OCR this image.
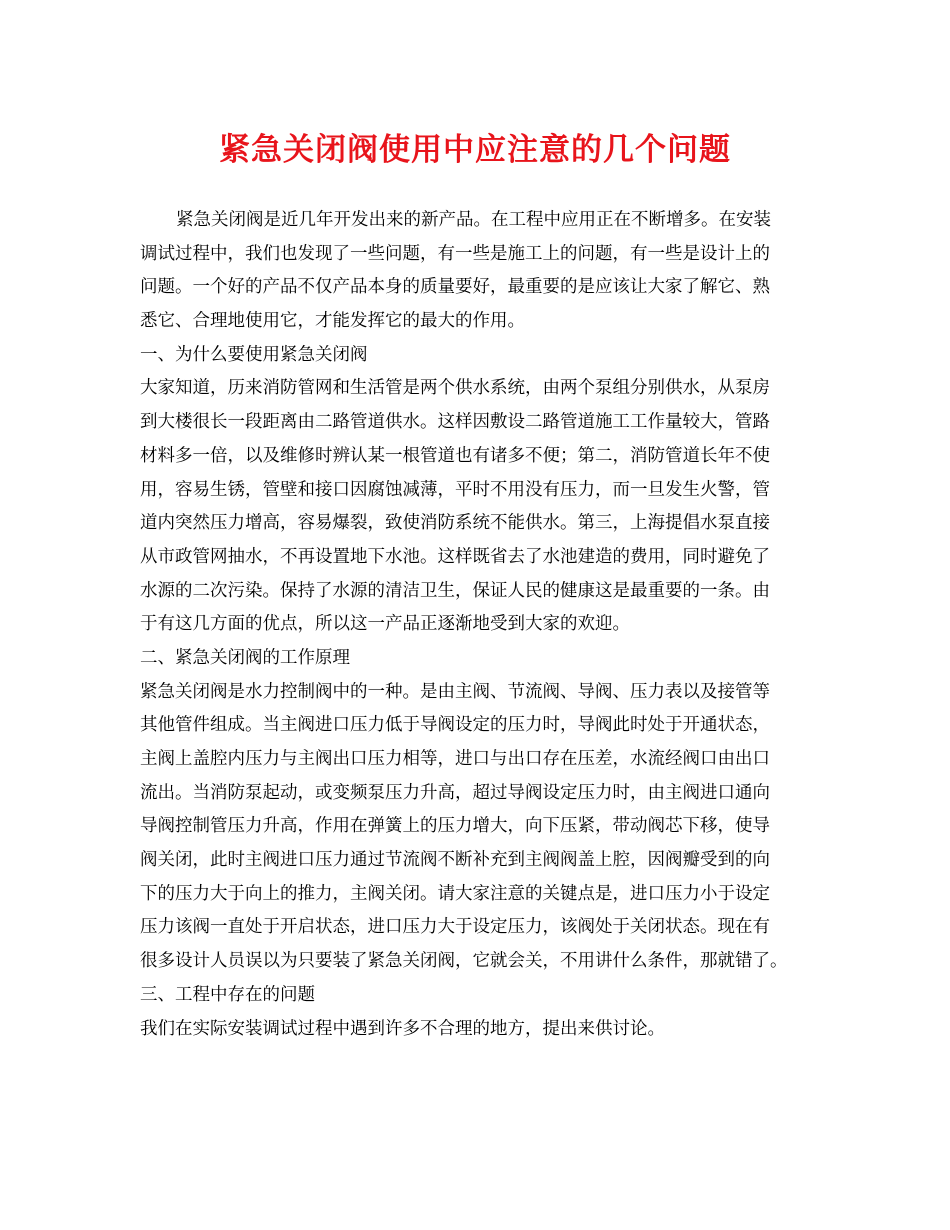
紧急关闭阀使用中应注意的几个问题
紧急关闭阀是近几年开发出来的新产品。在工程中应用正在不断增多。在安装
调试过程中，我们也发现了一些问题，有一些是施工上的问题，有一些是设计上的
问题。一个好的产品不仅产品本身的质量要好，最重要的是应该让大家了解它、熟
悉它、合理地使用它，才能发挥它的最大的作用。
一、为什么要使用紧急关闭阀
大家知道，历来消防管网和生活管是两个供水系统，由两个泵组分别供水，从泵房
到大楼很长一段距离由二路管道供水。这样因敷设二路管道施工工作量较大，管路
材料多一倍，以及维修时辨认某一根管道也有诸多不便；第二，消防管道长年不使
用，容易生锈，管壁和接口因腐蚀减薄，平时不用没有压力，而一旦发生火警，管
道内突然压力增高，容易爆裂，致使消防系统不能供水。第三，上海提倡水泵直接
从市政管网抽水，不再设置地下水池。这样既省去了水池建造的费用，同时避免了
水源的二次污染。保持了水源的清洁卫生，保证人民的健康这是最重要的一条。由
于有这几方面的优点，所以这一产品正逐渐地受到大家的欢迎。
二、紧急关闭阀的工作原理
紧急关闭阀是水力控制阀中的一种。是由主阀、节流阀、导阀、压力表以及接管等
其他管件组成。当主阀进口压力低于导阀设定的压力时，导阀此时处于开通状态，
主阀上盖腔内压力与主阀出口压力相等，进口与出口存在压差，水流经阀口由出口
流出。当消防泵起动，或变频泵压力升高，超过导阀设定压力时，由主阀进口通向
导阀控制管压力升高，作用在弹簧上的压力增大，向下压紧，带动阀芯下移，使导
阀关闭，此时主阀进口压力通过节流阀不断补充到主阀阀盖上腔，因阀瓣受到的向
下的压力大于向上的推力，主阀关闭。请大家注意的关键点是，进口压力小于设定
压力该阀一直处于开启状态，进口压力大于设定压力，该阀处于关闭状态。现在有
很多设计人员误以为只要装了紧急关闭阀，它就会关，不用讲什么条件，那就错了。
三、工程中存在的问题
我们在实际安装调试过程中遇到许多不合理的地方，提出来供讨论。
